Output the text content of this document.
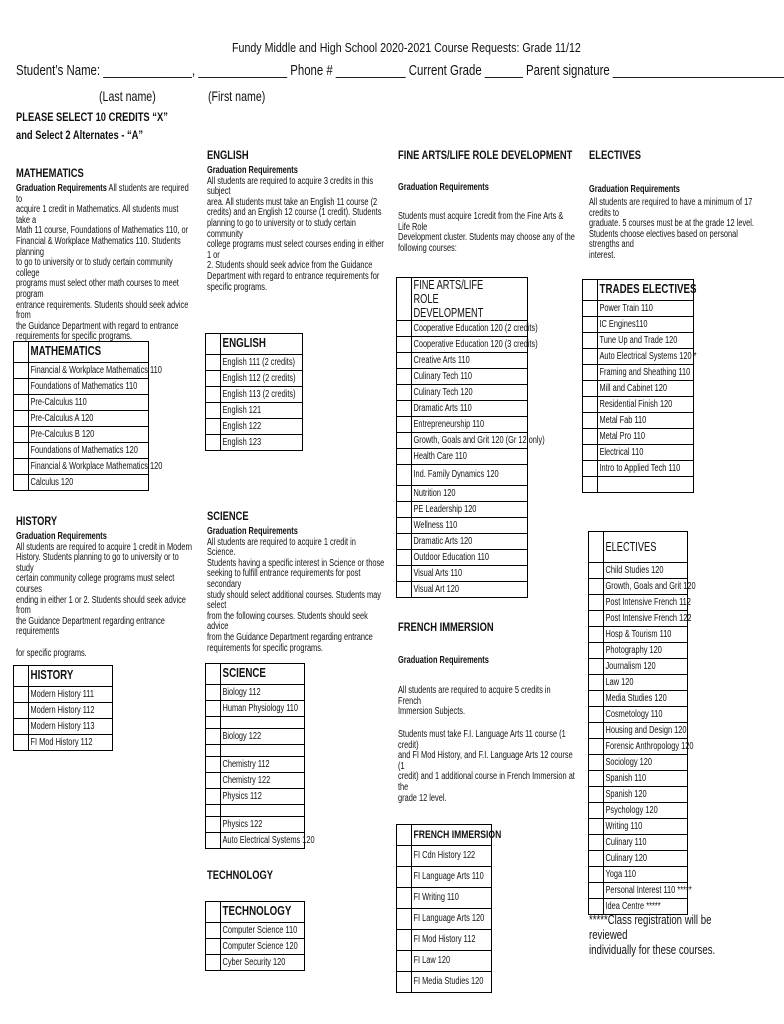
Fundy Middle and High School 2020-2021 Course Requests: Grade 11/12
Student’s Name: ______________, ______________ Phone # ___________ Current Grade ______ Parent signature ___________________________
(Last name)	(First name)
PLEASE SELECT 10 CREDITS “X”
and Select 2 Alternates - “A”
MATHEMATICS
Graduation Requirements All students are required to
acquire 1 credit in Mathematics. All students must take a
Math 11 course, Foundations of Mathematics 110, or
Financial & Workplace Mathematics 110. Students planning
to go to university or to study certain community college
programs must select other math courses to meet program
entrance requirements. Students should seek advice from
the Guidance Department with regard to entrance
requirements for specific programs.
	MATHEMATICS
	Financial & Workplace Mathematics 110
	Foundations of Mathematics 110
	Pre-Calculus 110
	Pre-Calculus A 120
	Pre-Calculus B 120
	Foundations of Mathematics 120
	Financial & Workplace Mathematics 120
	Calculus 120
HISTORY
Graduation Requirements
All students are required to acquire 1 credit in Modern
History. Students planning to go to university or to study
certain community college programs must select courses
ending in either 1 or 2. Students should seek advice from
the Guidance Department regarding entrance requirements

for specific programs.
	HISTORY
	Modern History 111
	Modern History 112
	Modern History 113
	FI Mod History 112
ENGLISH
Graduation Requirements
All students are required to acquire 3 credits in this subject
area. All students must take an English 11 course (2
credits) and an English 12 course (1 credit). Students
planning to go to university or to study certain community
college programs must select courses ending in either 1 or
2. Students should seek advice from the Guidance
Department with regard to entrance requirements for
specific programs.
	ENGLISH
	English 111 (2 credits)
	English 112 (2 credits)
	English 113 (2 credits)
	English 121
	English 122
	English 123
SCIENCE
Graduation Requirements
All students are required to acquire 1 credit in Science.
Students having a specific interest in Science or those
seeking to fulfill entrance requirements for post secondary
study should select additional courses. Students may select
from the following courses. Students should seek advice
from the Guidance Department regarding entrance
requirements for specific programs.
	SCIENCE
	Biology 112
	Human Physiology 110

	Biology 122

	Chemistry 112
	Chemistry 122
	Physics 112

	Physics 122
	Auto Electrical Systems 120
TECHNOLOGY
	TECHNOLOGY
	Computer Science 110
	Computer Science 120
	Cyber Security 120
FINE ARTS/LIFE ROLE DEVELOPMENT
Graduation Requirements
Students must acquire 1credit from the Fine Arts & Life Role
Development cluster. Students may choose any of the
following courses:

	FINE ARTS/LIFE ROLE DEVELOPMENT

	Cooperative Education 120 (2 credits)
	Cooperative Education 120 (3 credits)
	Creative Arts 110
	Culinary Tech 110
	Culinary Tech 120
	Dramatic Arts 110
	Entrepreneurship 110
	Growth, Goals and Grit 120 (Gr 12 only)
	Health Care 110
	Ind. Family Dynamics 120
	Nutrition 120
	PE Leadership 120
	Wellness 110
	Dramatic Arts 120
	Outdoor Education 110
	Visual Arts 110
	Visual Art 120
FRENCH IMMERSION
Graduation Requirements
All students are required to acquire 5 credits in French
Immersion Subjects.
Students must take F.I. Language Arts 11 course (1 credit)
and FI Mod History, and F.I. Language Arts 12 course (1
credit) and 1 additional course in French Immersion at the
grade 12 level.
	FRENCH IMMERSION
	FI Cdn History 122
	FI Language Arts 110
	FI Writing 110
	FI Language Arts 120
	FI Mod History 112
	FI Law 120
	FI Media Studies 120
ELECTIVES
Graduation Requirements
All students are required to have a minimum of 17 credits to
graduate. 5 courses must be at the grade 12 level.
Students choose electives based on personal strengths and
interest.
	TRADES ELECTIVES
	Power Train 110
	IC Engines110
	Tune Up and Trade 120
	Auto Electrical Systems 120 *
	Framing and Sheathing 110
	Mill and Cabinet 120
	Residential Finish 120
	Metal Fab 110
	Metal Pro 110
	Electrical 110
	Intro to Applied Tech 110

	ELECTIVES

	Child Studies 120
	Growth, Goals and Grit 120
	Post Intensive French 112
	Post Intensive French 122
	Hosp & Tourism 110
	Photography 120
	Journalism 120
	Law 120
	Media Studies 120
	Cosmetology 110
	Housing and Design 120
	Forensic Anthropology 120
	Sociology 120
	Spanish 110
	Spanish 120
	Psychology 120
	Writing 110
	Culinary 110
	Culinary 120
	Yoga 110
	Personal Interest 110 *****
	Idea Centre *****
*****Class registration will be reviewed
individually for these courses.
